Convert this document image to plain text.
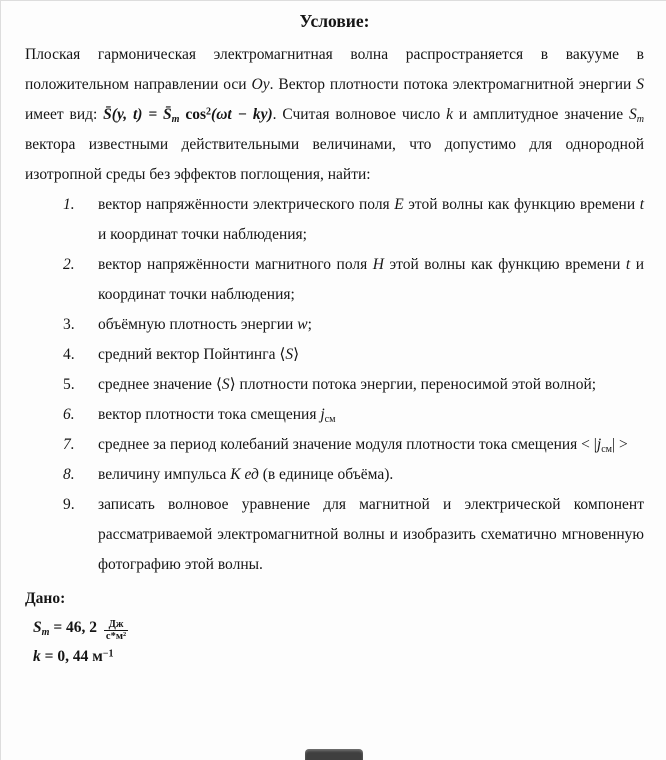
Условие:

Плоская гармоническая электромагнитная волна распространяется в вакууме в положительном направлении оси Oy. Вектор плотности потока электромагнитной энергии S имеет вид: S̄(y, $t) = S̄_m$ $\cos^2(\omega t - ky)$. Считая волновое число k и амплитудное значение $S_m$ вектора известными действительными величинами, что допустимо для однородной изотропной среды без эффектов поглощения, найти:

1. вектор напряжённости электрического поля E этой волны как функцию времени t и координат точки наблюдения;
2. вектор напряжённости магнитного поля H этой волны как функцию времени t и координат точки наблюдения;
3. объёмную плотность энергии w;
4. средний вектор Пойнтинга ⟨S⟩
5. среднее значение ⟨S⟩ плотности потока энергии, переносимой этой волной;
6. вектор плотности тока смещения $j_{см}$
7. среднее за период колебаний значение модуля плотности тока смещения < $|j_{см}|$ >
8. величину импульса K ед (в единице объёма).
9. записать волновое уравнение для магнитной и электрической компонент рассматриваемой электромагнитной волны и изобразить схематично мгновенную фотографию этой волны.
Дано:
$S_m = 46$, $2 \frac{Дж}{\text{с*м²}}$
k = 0, 44 $м^{-1}$
